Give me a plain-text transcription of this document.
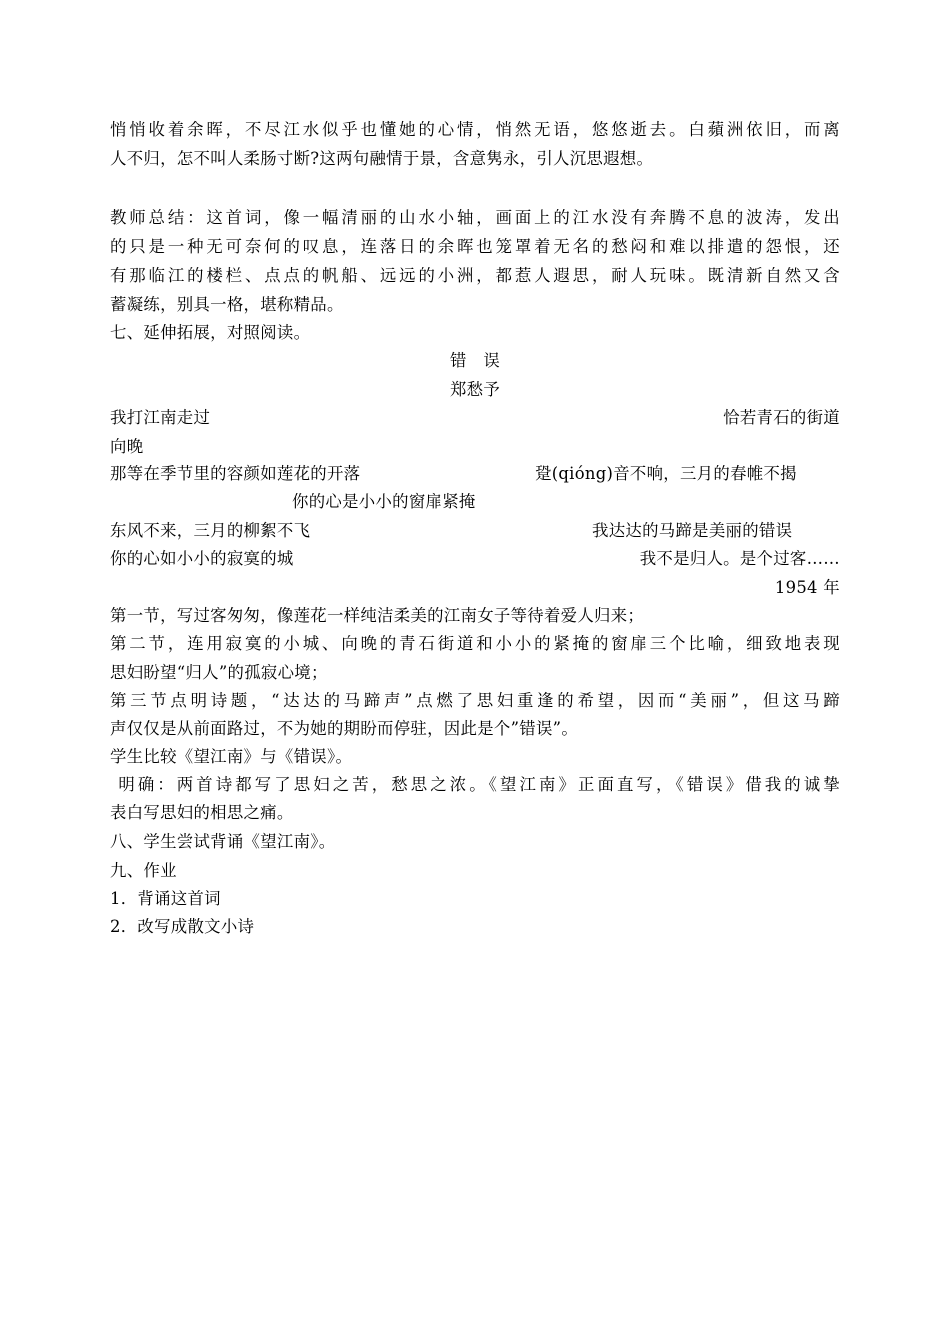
悄悄收着余晖，不尽江水似乎也懂她的心情，悄然无语，悠悠逝去。白蘋洲依旧，而离
人不归，怎不叫人柔肠寸断?这两句融情于景，含意隽永，引人沉思遐想。
教师总结：这首词，像一幅清丽的山水小轴，画面上的江水没有奔腾不息的波涛，发出
的只是一种无可奈何的叹息，连落日的余晖也笼罩着无名的愁闷和难以排遣的怨恨，还
有那临江的楼栏、点点的帆船、远远的小洲，都惹人遐思，耐人玩味。既清新自然又含
蓄凝练，别具一格，堪称精品。
七、延伸拓展，对照阅读。
错　误
郑愁予
我打江南走过	恰若青石的街道
向晚
那等在季节里的容颜如莲花的开落	跫(qióng)音不响，三月的春帷不揭
你的心是小小的窗扉紧掩
东风不来，三月的柳絮不飞	我达达的马蹄是美丽的错误
你的心如小小的寂寞的城	我不是归人。是个过客……
1954 年
第一节，写过客匆匆，像莲花一样纯洁柔美的江南女子等待着爱人归来；
第二节，连用寂寞的小城、向晚的青石街道和小小的紧掩的窗扉三个比喻，细致地表现
思妇盼望“归人”的孤寂心境；
第三节点明诗题，“达达的马蹄声”点燃了思妇重逢的希望，因而“美丽”，但这马蹄
声仅仅是从前面路过，不为她的期盼而停驻，因此是个”错误”。
学生比较《望江南》与《错误》。
明确：两首诗都写了思妇之苦，愁思之浓。《望江南》正面直写，《错误》借我的诚挚
表白写思妇的相思之痛。
八、学生尝试背诵《望江南》。
九、作业
1．背诵这首词
2．改写成散文小诗
